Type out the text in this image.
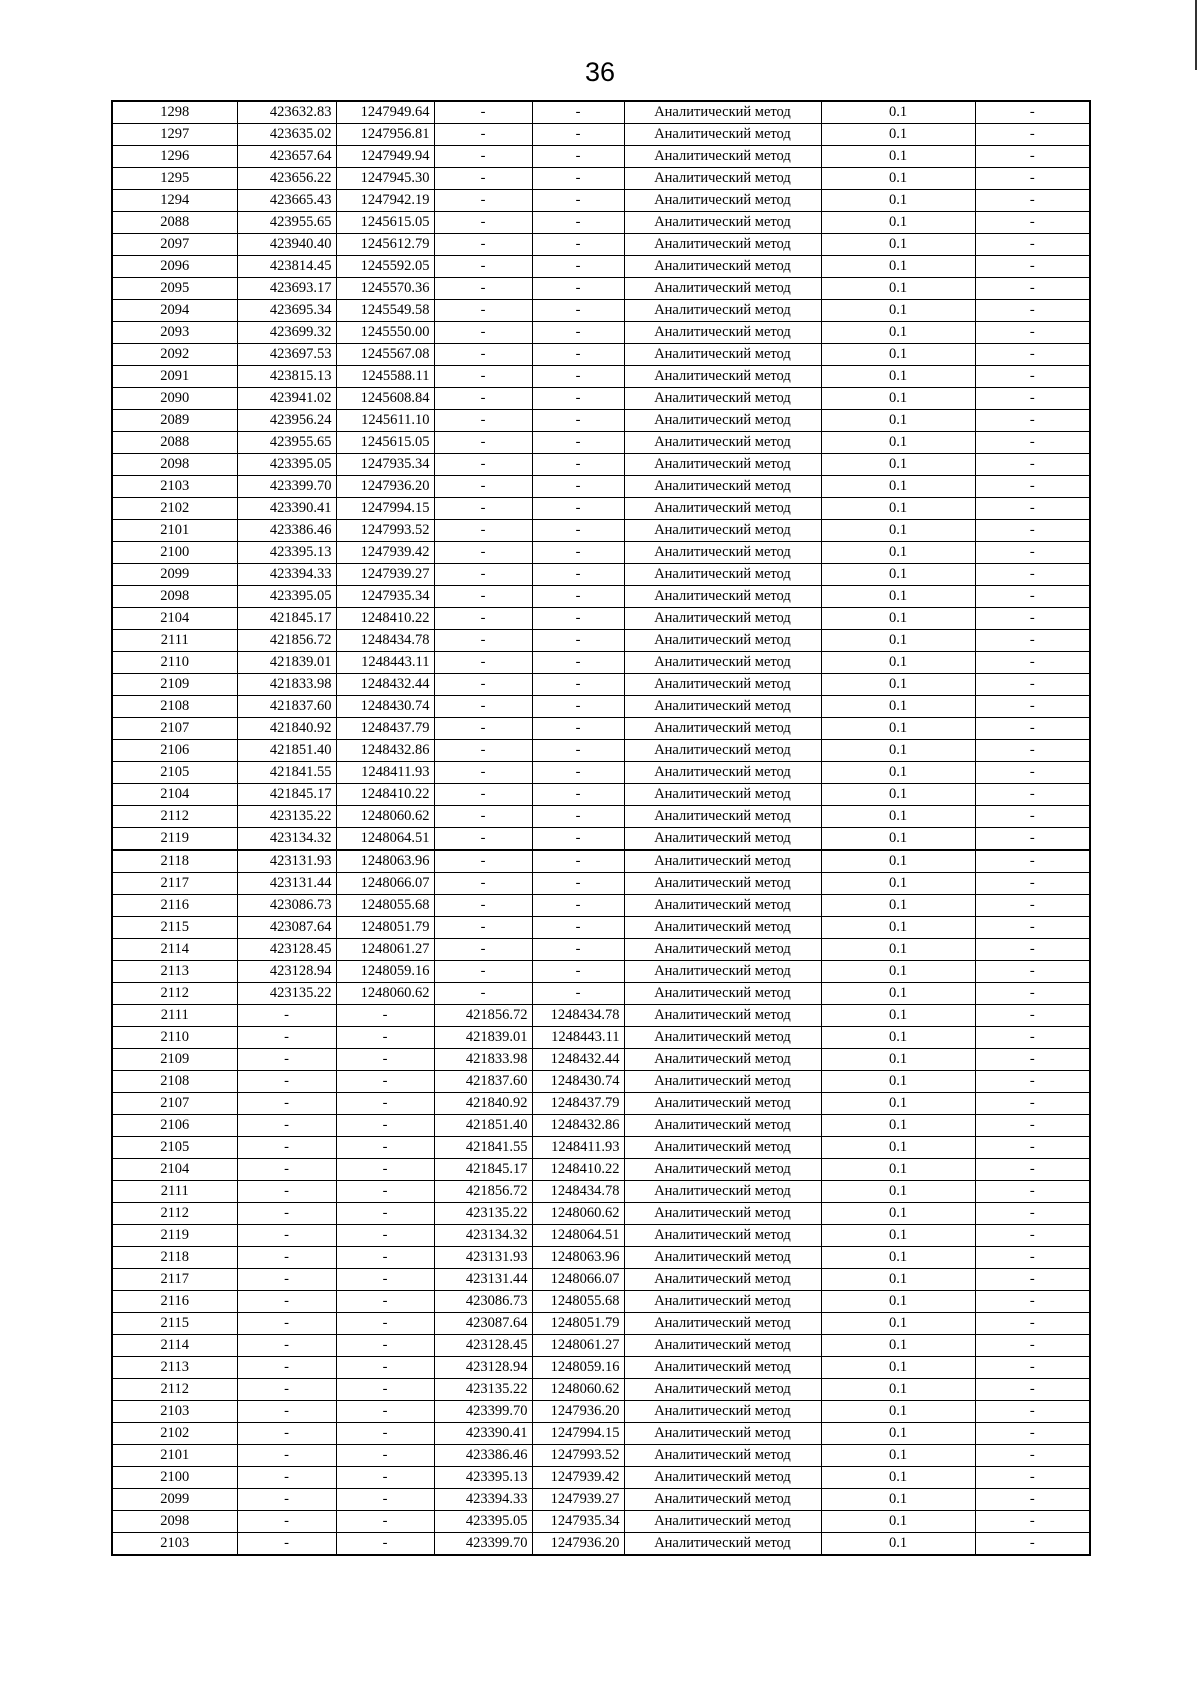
36
1298	423632.83	1247949.64	-	-	Аналитический метод	0.1	-
1297	423635.02	1247956.81	-	-	Аналитический метод	0.1	-
1296	423657.64	1247949.94	-	-	Аналитический метод	0.1	-
1295	423656.22	1247945.30	-	-	Аналитический метод	0.1	-
1294	423665.43	1247942.19	-	-	Аналитический метод	0.1	-
2088	423955.65	1245615.05	-	-	Аналитический метод	0.1	-
2097	423940.40	1245612.79	-	-	Аналитический метод	0.1	-
2096	423814.45	1245592.05	-	-	Аналитический метод	0.1	-
2095	423693.17	1245570.36	-	-	Аналитический метод	0.1	-
2094	423695.34	1245549.58	-	-	Аналитический метод	0.1	-
2093	423699.32	1245550.00	-	-	Аналитический метод	0.1	-
2092	423697.53	1245567.08	-	-	Аналитический метод	0.1	-
2091	423815.13	1245588.11	-	-	Аналитический метод	0.1	-
2090	423941.02	1245608.84	-	-	Аналитический метод	0.1	-
2089	423956.24	1245611.10	-	-	Аналитический метод	0.1	-
2088	423955.65	1245615.05	-	-	Аналитический метод	0.1	-
2098	423395.05	1247935.34	-	-	Аналитический метод	0.1	-
2103	423399.70	1247936.20	-	-	Аналитический метод	0.1	-
2102	423390.41	1247994.15	-	-	Аналитический метод	0.1	-
2101	423386.46	1247993.52	-	-	Аналитический метод	0.1	-
2100	423395.13	1247939.42	-	-	Аналитический метод	0.1	-
2099	423394.33	1247939.27	-	-	Аналитический метод	0.1	-
2098	423395.05	1247935.34	-	-	Аналитический метод	0.1	-
2104	421845.17	1248410.22	-	-	Аналитический метод	0.1	-
2111	421856.72	1248434.78	-	-	Аналитический метод	0.1	-
2110	421839.01	1248443.11	-	-	Аналитический метод	0.1	-
2109	421833.98	1248432.44	-	-	Аналитический метод	0.1	-
2108	421837.60	1248430.74	-	-	Аналитический метод	0.1	-
2107	421840.92	1248437.79	-	-	Аналитический метод	0.1	-
2106	421851.40	1248432.86	-	-	Аналитический метод	0.1	-
2105	421841.55	1248411.93	-	-	Аналитический метод	0.1	-
2104	421845.17	1248410.22	-	-	Аналитический метод	0.1	-
2112	423135.22	1248060.62	-	-	Аналитический метод	0.1	-
2119	423134.32	1248064.51	-	-	Аналитический метод	0.1	-
2118	423131.93	1248063.96	-	-	Аналитический метод	0.1	-
2117	423131.44	1248066.07	-	-	Аналитический метод	0.1	-
2116	423086.73	1248055.68	-	-	Аналитический метод	0.1	-
2115	423087.64	1248051.79	-	-	Аналитический метод	0.1	-
2114	423128.45	1248061.27	-	-	Аналитический метод	0.1	-
2113	423128.94	1248059.16	-	-	Аналитический метод	0.1	-
2112	423135.22	1248060.62	-	-	Аналитический метод	0.1	-
2111	-	-	421856.72	1248434.78	Аналитический метод	0.1	-
2110	-	-	421839.01	1248443.11	Аналитический метод	0.1	-
2109	-	-	421833.98	1248432.44	Аналитический метод	0.1	-
2108	-	-	421837.60	1248430.74	Аналитический метод	0.1	-
2107	-	-	421840.92	1248437.79	Аналитический метод	0.1	-
2106	-	-	421851.40	1248432.86	Аналитический метод	0.1	-
2105	-	-	421841.55	1248411.93	Аналитический метод	0.1	-
2104	-	-	421845.17	1248410.22	Аналитический метод	0.1	-
2111	-	-	421856.72	1248434.78	Аналитический метод	0.1	-
2112	-	-	423135.22	1248060.62	Аналитический метод	0.1	-
2119	-	-	423134.32	1248064.51	Аналитический метод	0.1	-
2118	-	-	423131.93	1248063.96	Аналитический метод	0.1	-
2117	-	-	423131.44	1248066.07	Аналитический метод	0.1	-
2116	-	-	423086.73	1248055.68	Аналитический метод	0.1	-
2115	-	-	423087.64	1248051.79	Аналитический метод	0.1	-
2114	-	-	423128.45	1248061.27	Аналитический метод	0.1	-
2113	-	-	423128.94	1248059.16	Аналитический метод	0.1	-
2112	-	-	423135.22	1248060.62	Аналитический метод	0.1	-
2103	-	-	423399.70	1247936.20	Аналитический метод	0.1	-
2102	-	-	423390.41	1247994.15	Аналитический метод	0.1	-
2101	-	-	423386.46	1247993.52	Аналитический метод	0.1	-
2100	-	-	423395.13	1247939.42	Аналитический метод	0.1	-
2099	-	-	423394.33	1247939.27	Аналитический метод	0.1	-
2098	-	-	423395.05	1247935.34	Аналитический метод	0.1	-
2103	-	-	423399.70	1247936.20	Аналитический метод	0.1	-
